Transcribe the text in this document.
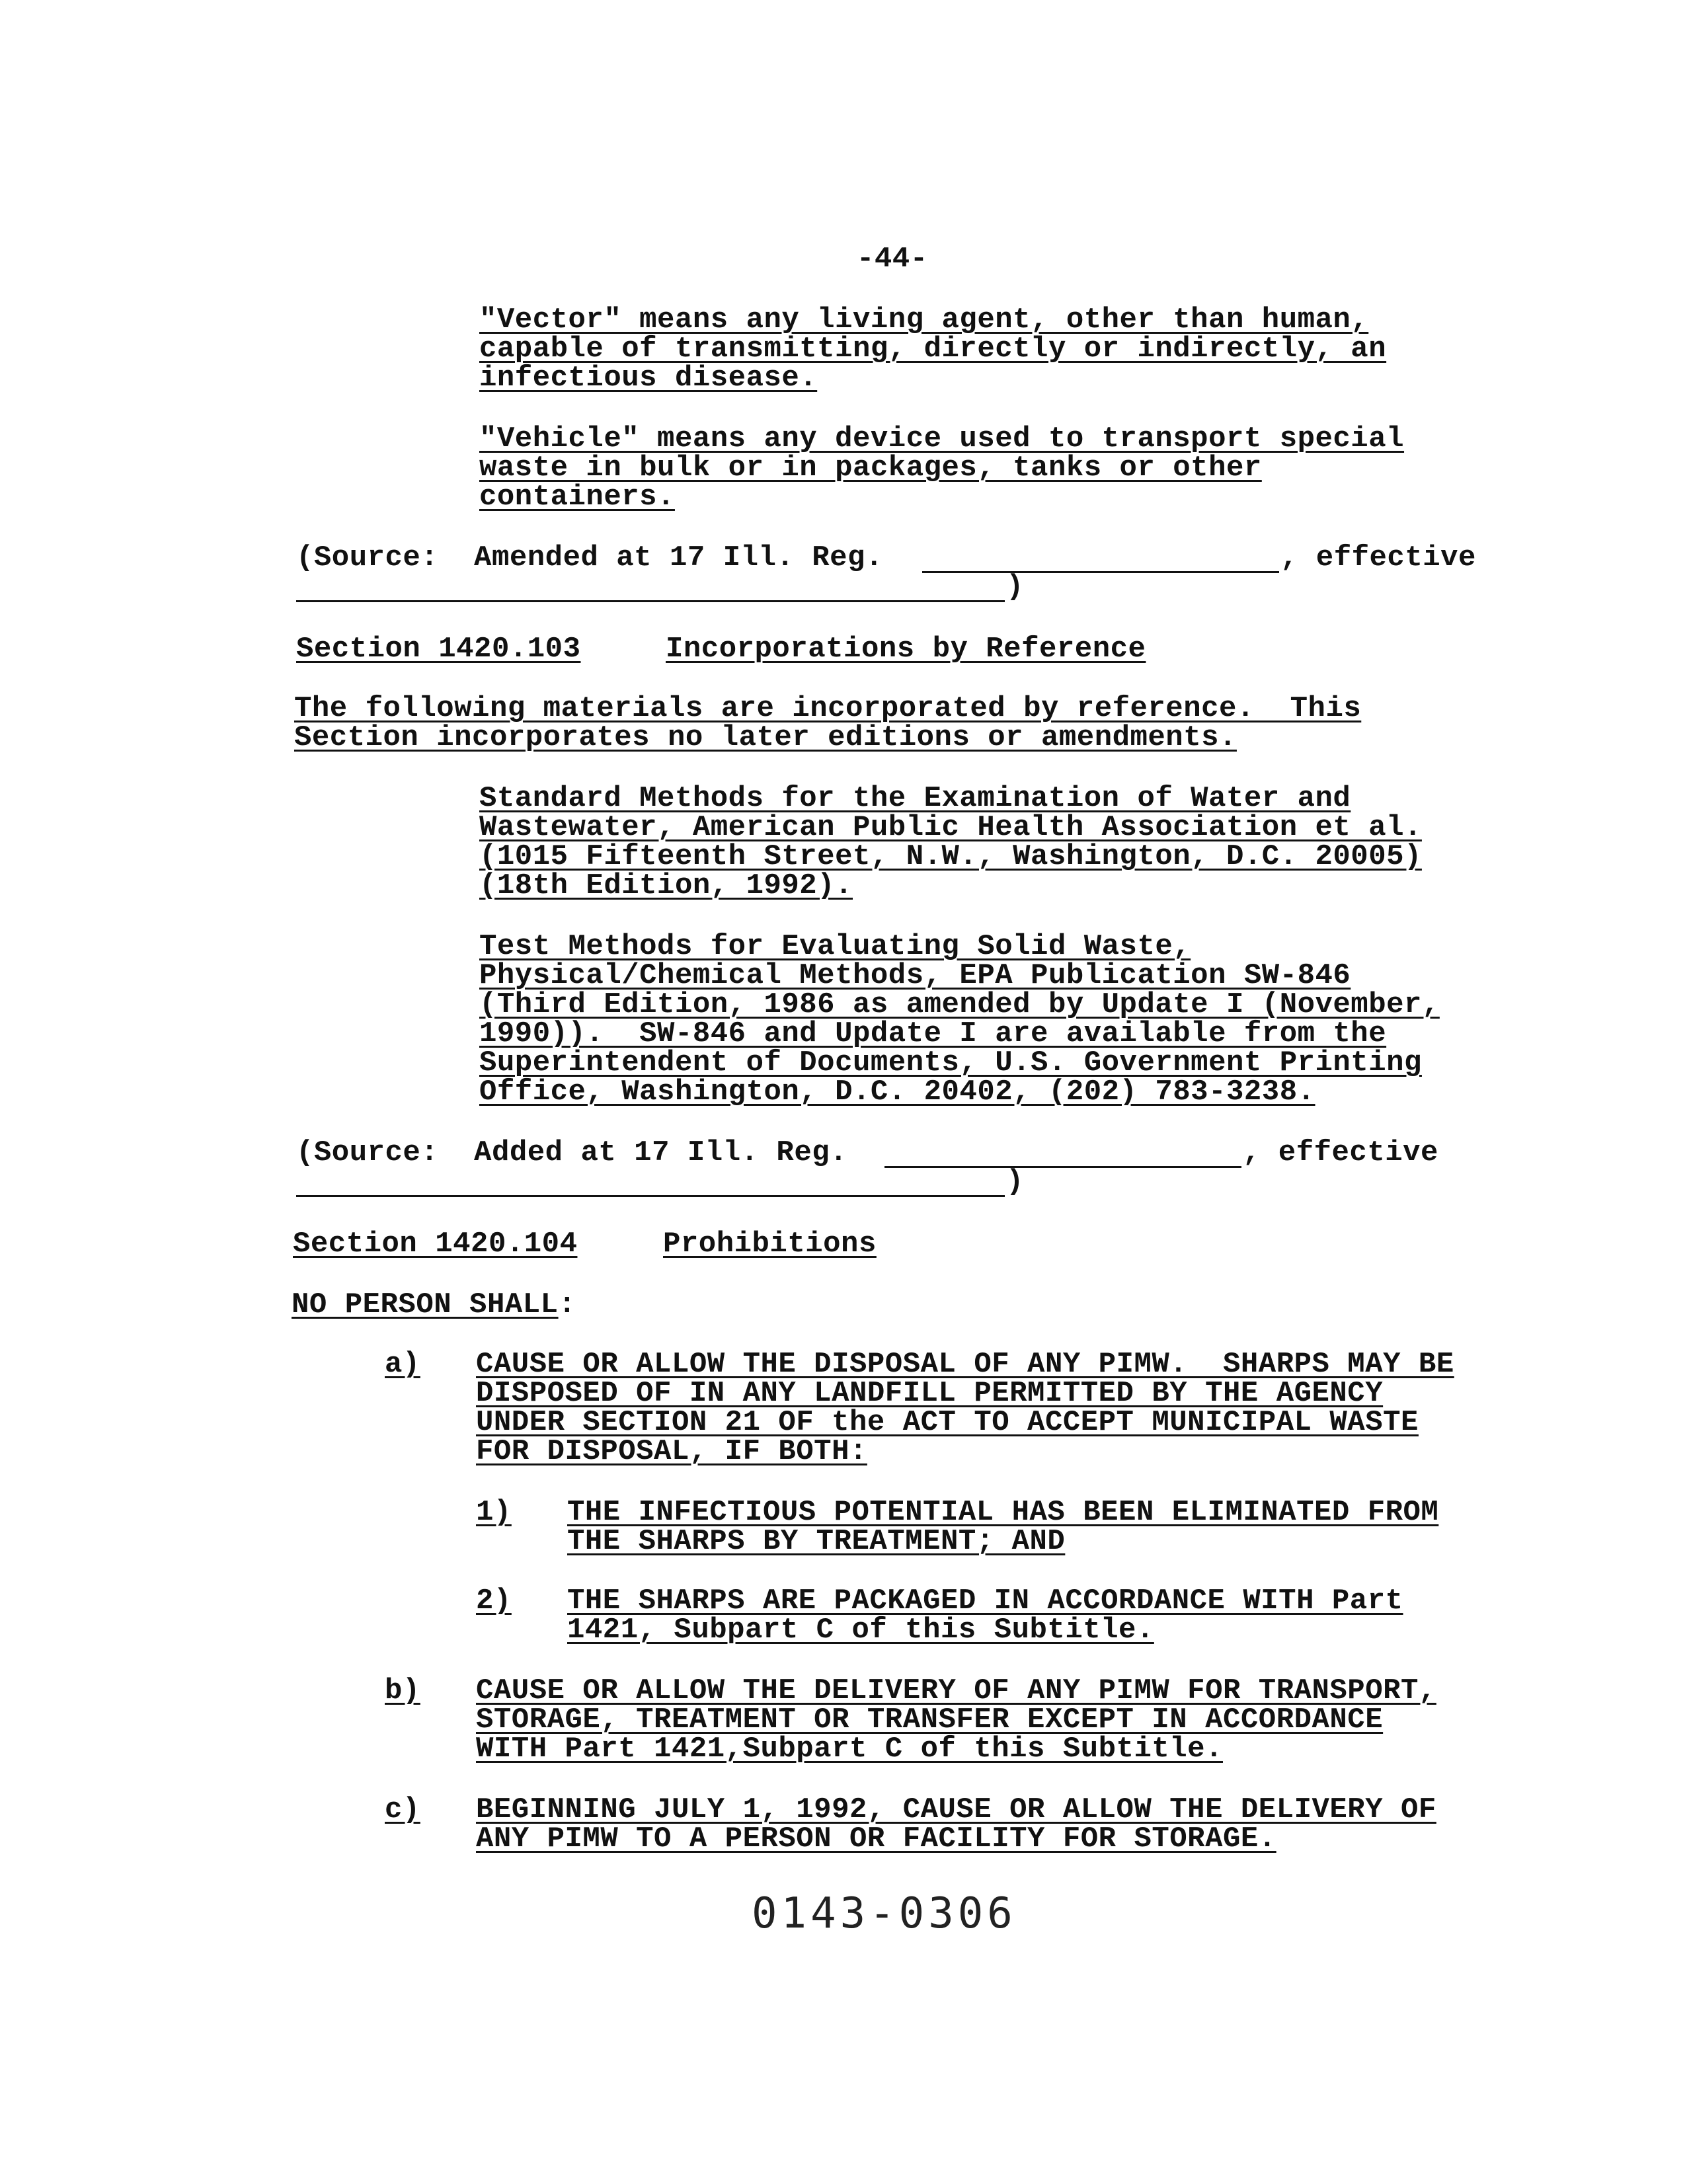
-44-
"Vector" means any living agent, other than human,
capable of transmitting, directly or indirectly, an
infectious disease.
"Vehicle" means any device used to transport special
waste in bulk or in packages, tanks or other
containers.
(Source:  Amended at 17 Ill. Reg.	, effective
)
Section 1420.103	Incorporations by Reference
The following materials are incorporated by reference.  This
Section incorporates no later editions or amendments.
Standard Methods for the Examination of Water and
Wastewater, American Public Health Association et al.
(1015 Fifteenth Street, N.W., Washington, D.C. 20005)
(18th Edition, 1992).
Test Methods for Evaluating Solid Waste,
Physical/Chemical Methods, EPA Publication SW-846
(Third Edition, 1986 as amended by Update I (November,
1990)).  SW-846 and Update I are available from the
Superintendent of Documents, U.S. Government Printing
Office, Washington, D.C. 20402, (202) 783-3238.
(Source:  Added at 17 Ill. Reg.	, effective
)
Section 1420.104	Prohibitions
NO PERSON SHALL:
a) CAUSE OR ALLOW THE DISPOSAL OF ANY PIMW.  SHARPS MAY BE
DISPOSED OF IN ANY LANDFILL PERMITTED BY THE AGENCY
UNDER SECTION 21 OF the ACT TO ACCEPT MUNICIPAL WASTE
FOR DISPOSAL, IF BOTH:
1) THE INFECTIOUS POTENTIAL HAS BEEN ELIMINATED FROM
THE SHARPS BY TREATMENT; AND
2) THE SHARPS ARE PACKAGED IN ACCORDANCE WITH Part
1421, Subpart C of this Subtitle.
b) CAUSE OR ALLOW THE DELIVERY OF ANY PIMW FOR TRANSPORT,
STORAGE, TREATMENT OR TRANSFER EXCEPT IN ACCORDANCE
WITH Part 1421,Subpart C of this Subtitle.
c) BEGINNING JULY 1, 1992, CAUSE OR ALLOW THE DELIVERY OF
ANY PIMW TO A PERSON OR FACILITY FOR STORAGE.
0143-0306
